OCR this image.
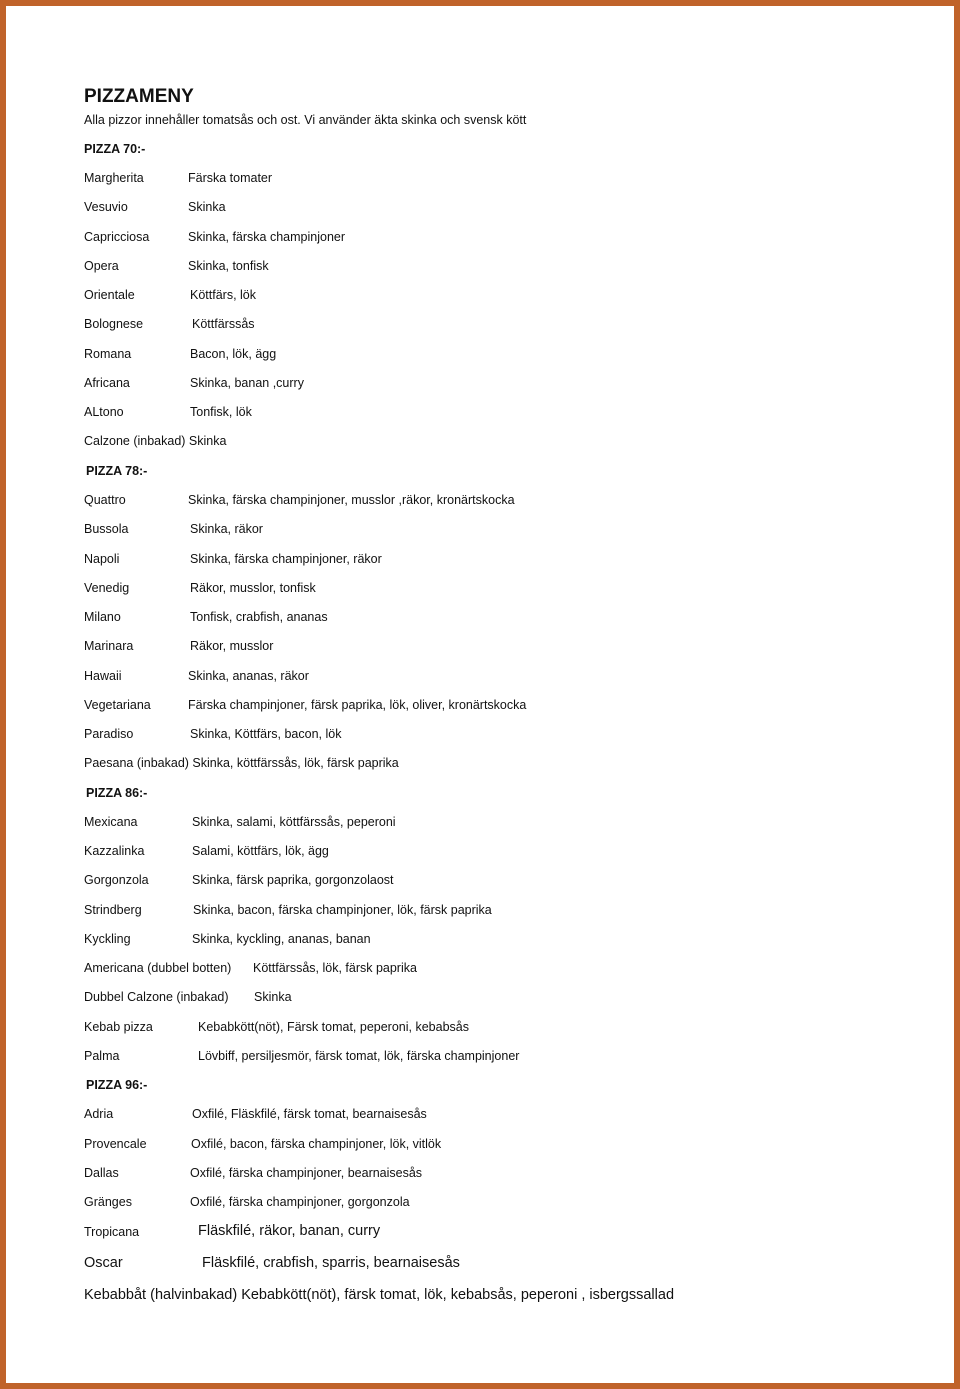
PIZZAMENY
Alla pizzor innehåller tomatsås och ost. Vi använder äkta skinka och svensk kött
PIZZA 70:-
Margherita	Färska tomater
Vesuvio	Skinka
Capricciosa	Skinka, färska champinjoner
Opera	Skinka, tonfisk
Orientale	Köttfärs, lök
Bolognese	Köttfärssås
Romana	Bacon, lök, ägg
Africana	Skinka, banan ,curry
ALtono	Tonfisk, lök
Calzone (inbakad) Skinka
PIZZA 78:-
Quattro	Skinka, färska champinjoner, musslor ,räkor, kronärtskocka
Bussola	Skinka, räkor
Napoli	Skinka, färska champinjoner, räkor
Venedig	Räkor, musslor, tonfisk
Milano	Tonfisk, crabfish, ananas
Marinara	Räkor, musslor
Hawaii	Skinka, ananas, räkor
Vegetariana	Färska champinjoner, färsk paprika, lök, oliver, kronärtskocka
Paradiso	Skinka, Köttfärs, bacon, lök
Paesana (inbakad) Skinka, köttfärssås, lök, färsk paprika
PIZZA 86:-
Mexicana	Skinka, salami, köttfärssås, peperoni
Kazzalinka	Salami, köttfärs, lök, ägg
Gorgonzola	Skinka, färsk paprika, gorgonzolaost
Strindberg	Skinka, bacon, färska champinjoner, lök, färsk paprika
Kyckling	Skinka, kyckling, ananas, banan
Americana (dubbel botten) Köttfärssås, lök, färsk paprika
Dubbel Calzone (inbakad) Skinka
Kebab pizza	Kebabkött(nöt), Färsk tomat, peperoni, kebabsås
Palma	Lövbiff, persiljesmör, färsk tomat, lök, färska champinjoner
PIZZA 96:-
Adria	Oxfilé, Fläskfilé, färsk tomat, bearnaisesås
Provencale	Oxfilé, bacon, färska champinjoner, lök, vitlök
Dallas	Oxfilé, färska champinjoner, bearnaisesås
Gränges	Oxfilé, färska champinjoner, gorgonzola
Tropicana	Fläskfilé, räkor, banan, curry
Oscar	Fläskfilé, crabfish, sparris, bearnaisesås
Kebabbåt (halvinbakad) Kebabkött(nöt), färsk tomat, lök, kebabsås, peperoni , isbergssallad
